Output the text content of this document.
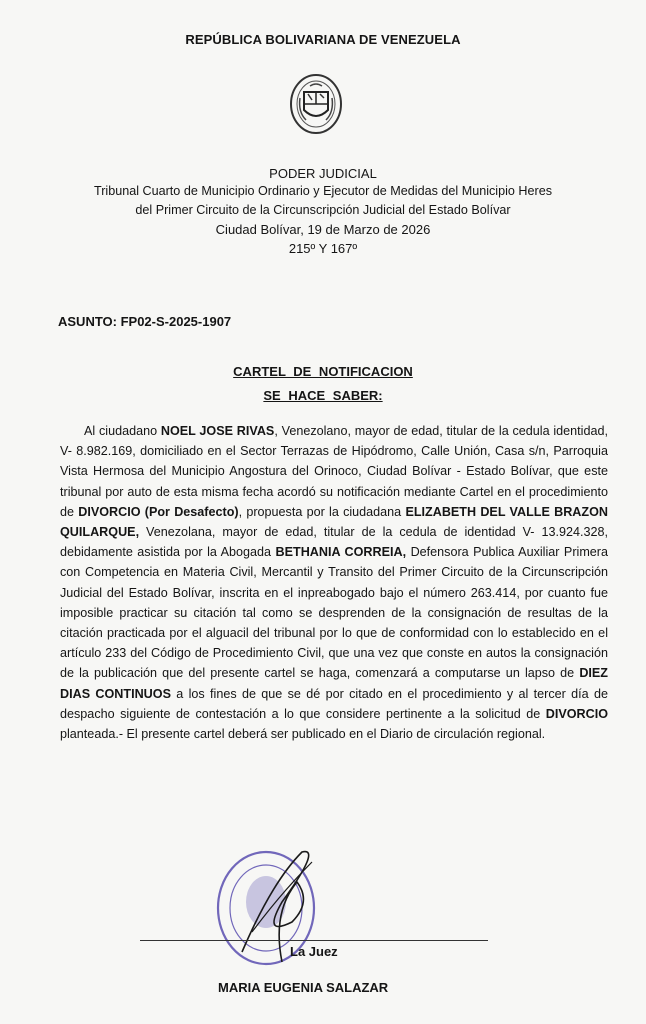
REPÚBLICA BOLIVARIANA DE VENEZUELA
PODER JUDICIAL
Tribunal Cuarto de Municipio Ordinario y Ejecutor de Medidas del Municipio Heres
del Primer Circuito de la Circunscripción Judicial del Estado Bolívar
Ciudad Bolívar, 19 de Marzo de 2026
215º Y 167º
ASUNTO: FP02-S-2025-1907
CARTEL DE NOTIFICACION
SE HACE SABER:

Al ciudadano NOEL JOSE RIVAS, Venezolano, mayor de edad, titular de la cedula identidad, V- 8.982.169, domiciliado en el Sector Terrazas de Hipódromo, Calle Unión, Casa s/n, Parroquia Vista Hermosa del Municipio Angostura del Orinoco, Ciudad Bolívar - Estado Bolívar, que este tribunal por auto de esta misma fecha acordó su notificación mediante Cartel en el procedimiento de DIVORCIO (Por Desafecto), propuesta por la ciudadana ELIZABETH DEL VALLE BRAZON QUILARQUE, Venezolana, mayor de edad, titular de la cedula de identidad V- 13.924.328, debidamente asistida por la Abogada BETHANIA CORREIA, Defensora Publica Auxiliar Primera con Competencia en Materia Civil, Mercantil y Transito del Primer Circuito de la Circunscripción Judicial del Estado Bolívar, inscrita en el inpreabogado bajo el número 263.414, por cuanto fue imposible practicar su citación tal como se desprenden de la consignación de resultas de la citación practicada por el alguacil del tribunal por lo que de conformidad con lo establecido en el artículo 233 del Código de Procedimiento Civil, que una vez que conste en autos la consignación de la publicación que del presente cartel se haga, comenzará a computarse un lapso de DIEZ DIAS CONTINUOS a los fines de que se dé por citado en el procedimiento y al tercer día de despacho siguiente de contestación a lo que considere pertinente a la solicitud de DIVORCIO planteada.- El presente cartel deberá ser publicado en el Diario de circulación regional.

La Juez
MARIA EUGENIA SALAZAR
